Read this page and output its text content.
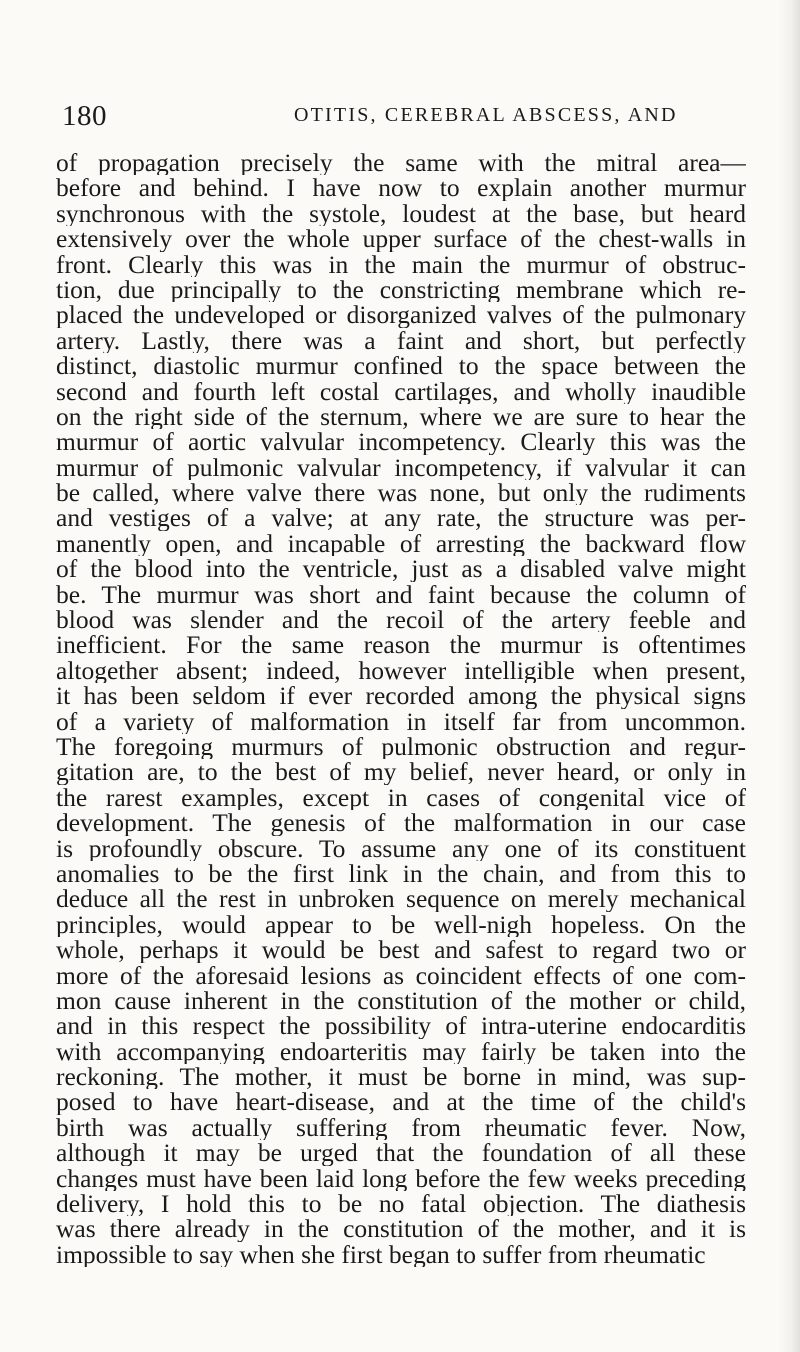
180	OTITIS, CEREBRAL ABSCESS, AND
of propagation precisely the same with the mitral area—
before and behind. I have now to explain another murmur
synchronous with the systole, loudest at the base, but heard
extensively over the whole upper surface of the chest-walls in
front. Clearly this was in the main the murmur of obstruc-
tion, due principally to the constricting membrane which re-
placed the undeveloped or disorganized valves of the pulmonary
artery. Lastly, there was a faint and short, but perfectly
distinct, diastolic murmur confined to the space between the
second and fourth left costal cartilages, and wholly inaudible
on the right side of the sternum, where we are sure to hear the
murmur of aortic valvular incompetency. Clearly this was the
murmur of pulmonic valvular incompetency, if valvular it can
be called, where valve there was none, but only the rudiments
and vestiges of a valve; at any rate, the structure was per-
manently open, and incapable of arresting the backward flow
of the blood into the ventricle, just as a disabled valve might
be. The murmur was short and faint because the column of
blood was slender and the recoil of the artery feeble and
inefficient. For the same reason the murmur is oftentimes
altogether absent; indeed, however intelligible when present,
it has been seldom if ever recorded among the physical signs
of a variety of malformation in itself far from uncommon.
The foregoing murmurs of pulmonic obstruction and regur-
gitation are, to the best of my belief, never heard, or only in
the rarest examples, except in cases of congenital vice of
development. The genesis of the malformation in our case
is profoundly obscure. To assume any one of its constituent
anomalies to be the first link in the chain, and from this to
deduce all the rest in unbroken sequence on merely mechanical
principles, would appear to be well-nigh hopeless. On the
whole, perhaps it would be best and safest to regard two or
more of the aforesaid lesions as coincident effects of one com-
mon cause inherent in the constitution of the mother or child,
and in this respect the possibility of intra-uterine endocarditis
with accompanying endoarteritis may fairly be taken into the
reckoning. The mother, it must be borne in mind, was sup-
posed to have heart-disease, and at the time of the child's
birth was actually suffering from rheumatic fever. Now,
although it may be urged that the foundation of all these
changes must have been laid long before the few weeks preceding
delivery, I hold this to be no fatal objection. The diathesis
was there already in the constitution of the mother, and it is
impossible to say when she first began to suffer from rheumatic
